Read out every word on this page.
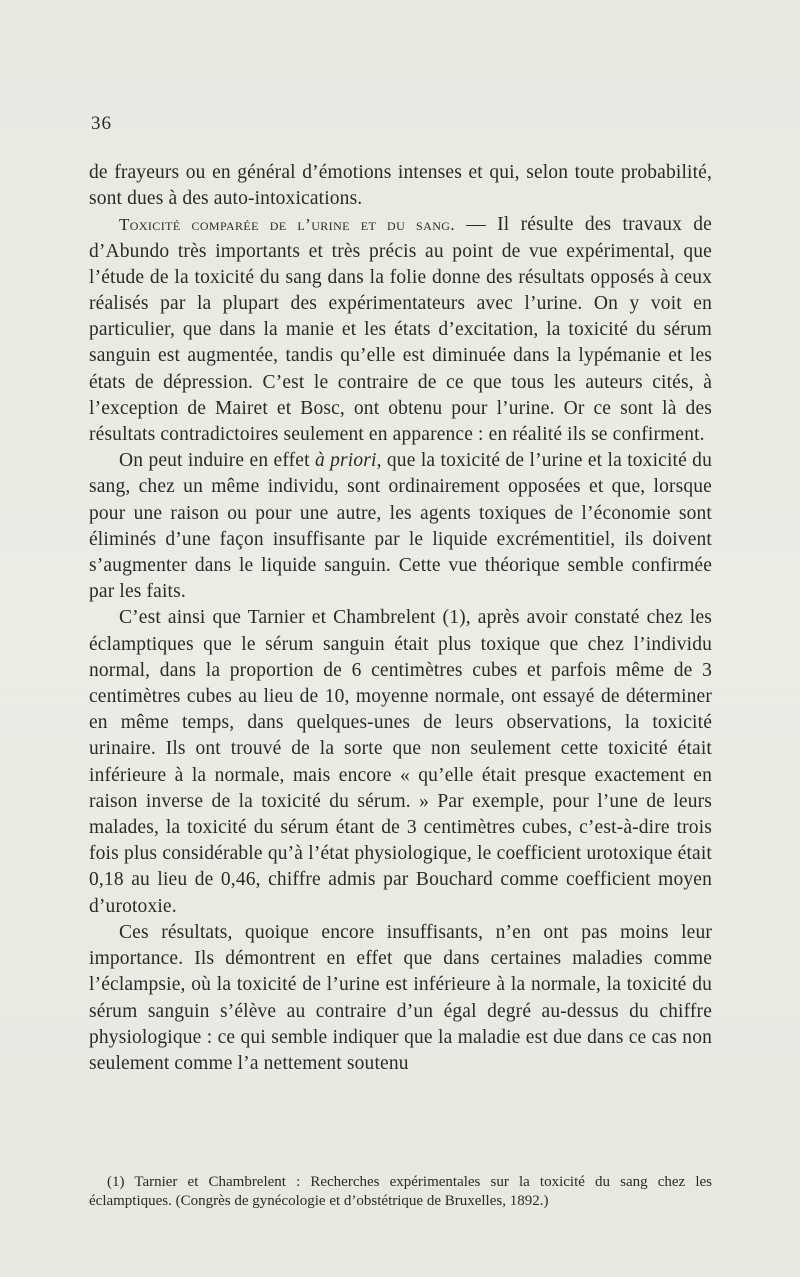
36

de frayeurs ou en général d’émotions intenses et qui, selon toute probabilité, sont dues à des auto-intoxications.

Toxicité comparée de l’urine et du sang. — Il résulte des travaux de d’Abundo très importants et très précis au point de vue expérimental, que l’étude de la toxicité du sang dans la folie donne des résultats opposés à ceux réalisés par la plupart des expérimentateurs avec l’urine. On y voit en particulier, que dans la manie et les états d’excitation, la toxicité du sérum sanguin est augmentée, tandis qu’elle est diminuée dans la lypémanie et les états de dépression. C’est le contraire de ce que tous les auteurs cités, à l’exception de Mairet et Bosc, ont obtenu pour l’urine. Or ce sont là des résultats contradictoires seulement en apparence : en réalité ils se confirment.

On peut induire en effet à priori, que la toxicité de l’urine et la toxicité du sang, chez un même individu, sont ordinairement opposées et que, lorsque pour une raison ou pour une autre, les agents toxiques de l’économie sont éliminés d’une façon insuffisante par le liquide excrémentitiel, ils doivent s’augmenter dans le liquide sanguin. Cette vue théorique semble confirmée par les faits.

C’est ainsi que Tarnier et Chambrelent (1), après avoir constaté chez les éclamptiques que le sérum sanguin était plus toxique que chez l’individu normal, dans la proportion de 6 centimètres cubes et parfois même de 3 centimètres cubes au lieu de 10, moyenne normale, ont essayé de déterminer en même temps, dans quelques-unes de leurs observations, la toxicité urinaire. Ils ont trouvé de la sorte que non seulement cette toxicité était inférieure à la normale, mais encore « qu’elle était presque exactement en raison inverse de la toxicité du sérum. » Par exemple, pour l’une de leurs malades, la toxicité du sérum étant de 3 centimètres cubes, c’est-à-dire trois fois plus considérable qu’à l’état physiologique, le coefficient urotoxique était 0,18 au lieu de 0,46, chiffre admis par Bouchard comme coefficient moyen d’urotoxie.

Ces résultats, quoique encore insuffisants, n’en ont pas moins leur importance. Ils démontrent en effet que dans certaines maladies comme l’éclampsie, où la toxicité de l’urine est inférieure à la normale, la toxicité du sérum sanguin s’élève au contraire d’un égal degré au-dessus du chiffre physiologique : ce qui semble indiquer que la maladie est due dans ce cas non seulement comme l’a nettement soutenu

(1) Tarnier et Chambrelent : Recherches expérimentales sur la toxicité du sang chez les éclamptiques. (Congrès de gynécologie et d’obstétrique de Bruxelles, 1892.)
